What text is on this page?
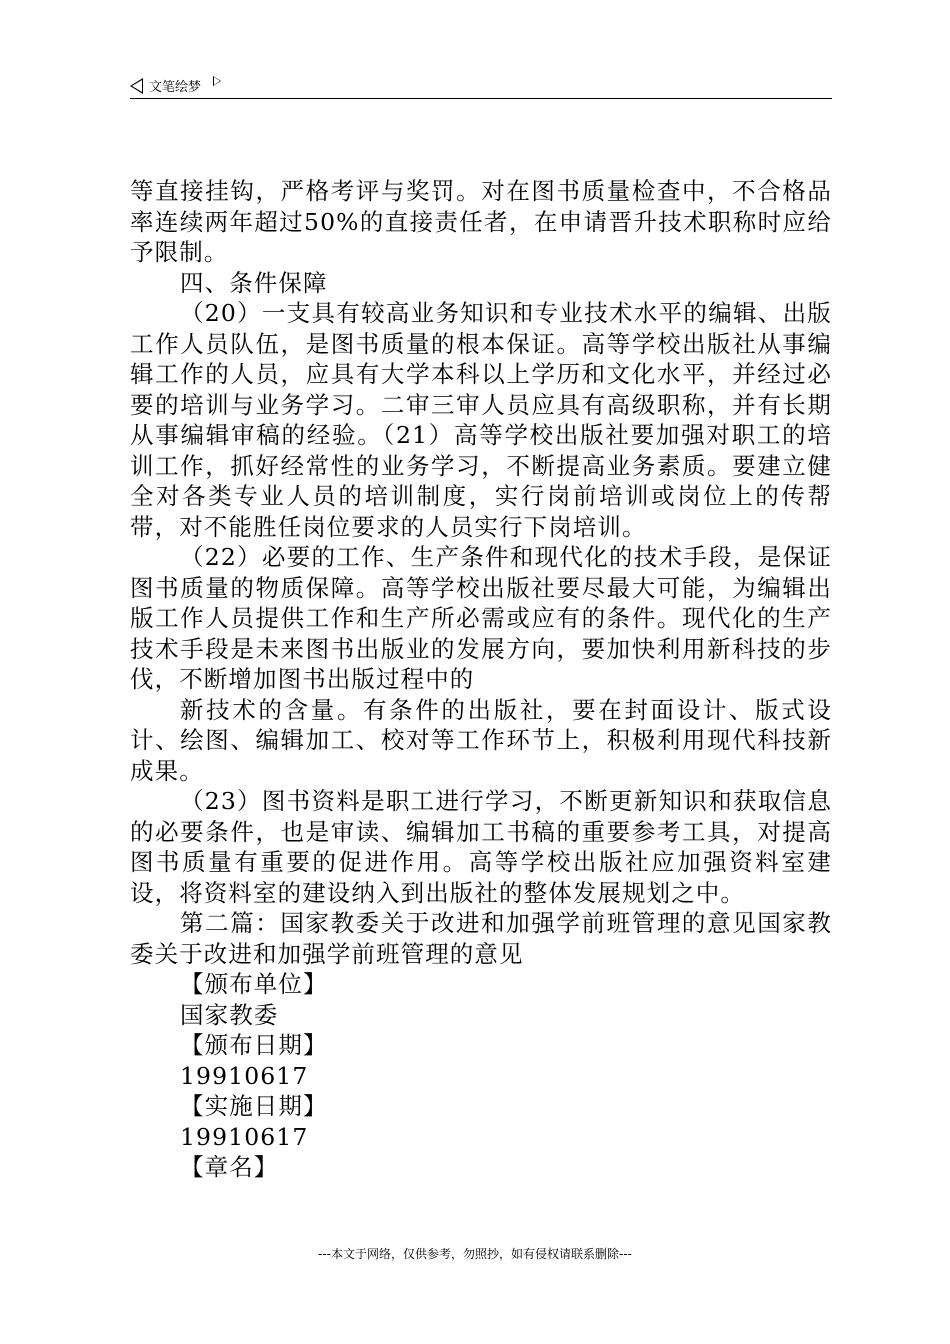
文笔绘梦

等直接挂钩，严格考评与奖罚。对在图书质量检查中，不合格品率连续两年超过50%的直接责任者，在申请晋升技术职称时应给予限制。

四、条件保障

（20）一支具有较高业务知识和专业技术水平的编辑、出版工作人员队伍，是图书质量的根本保证。高等学校出版社从事编辑工作的人员，应具有大学本科以上学历和文化水平，并经过必要的培训与业务学习。二审三审人员应具有高级职称，并有长期从事编辑审稿的经验。（21）高等学校出版社要加强对职工的培训工作，抓好经常性的业务学习，不断提高业务素质。要建立健全对各类专业人员的培训制度，实行岗前培训或岗位上的传帮带，对不能胜任岗位要求的人员实行下岗培训。

（22）必要的工作、生产条件和现代化的技术手段，是保证图书质量的物质保障。高等学校出版社要尽最大可能，为编辑出版工作人员提供工作和生产所必需或应有的条件。现代化的生产技术手段是未来图书出版业的发展方向，要加快利用新科技的步伐，不断增加图书出版过程中的

新技术的含量。有条件的出版社，要在封面设计、版式设计、绘图、编辑加工、校对等工作环节上，积极利用现代科技新成果。

（23）图书资料是职工进行学习，不断更新知识和获取信息的必要条件，也是审读、编辑加工书稿的重要参考工具，对提高图书质量有重要的促进作用。高等学校出版社应加强资料室建设，将资料室的建设纳入到出版社的整体发展规划之中。

第二篇：国家教委关于改进和加强学前班管理的意见国家教委关于改进和加强学前班管理的意见

【颁布单位】

国家教委

【颁布日期】

19910617

【实施日期】

19910617

【章名】

---本文于网络，仅供参考，勿照抄，如有侵权请联系删除---
